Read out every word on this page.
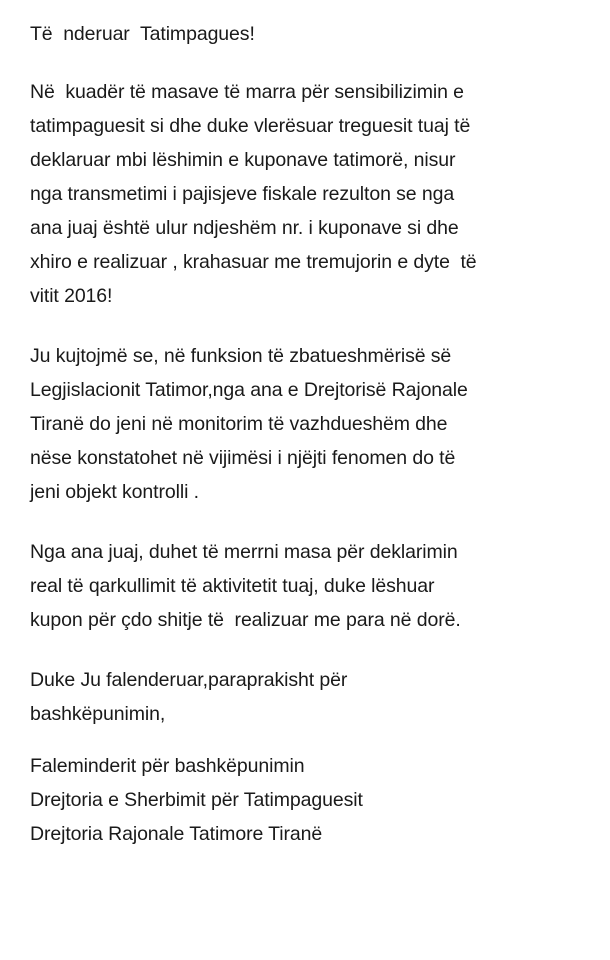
Të  nderuar  Tatimpagues!
Në  kuadër të masave të marra për sensibilizimin e
tatimpaguesit si dhe duke vlerësuar treguesit tuaj të
deklaruar mbi lëshimin e kuponave tatimorë, nisur
nga transmetimi i pajisjeve fiskale rezulton se nga
ana juaj është ulur ndjeshëm nr. i kuponave si dhe
xhiro e realizuar , krahasuar me tremujorin e dyte  të
vitit 2016!
Ju kujtojmë se, në funksion të zbatueshmërisë së
Legjislacionit Tatimor,nga ana e Drejtorisë Rajonale
Tiranë do jeni në monitorim të vazhdueshëm dhe
nëse konstatohet në vijimësi i njëjti fenomen do të
jeni objekt kontrolli .
Nga ana juaj, duhet të merrni masa për deklarimin
real të qarkullimit të aktivitetit tuaj, duke lëshuar
kupon për çdo shitje të  realizuar me para në dorë.
Duke Ju falenderuar,paraprakisht për
bashkëpunimin,
Faleminderit për bashkëpunimin
Drejtoria e Sherbimit për Tatimpaguesit
Drejtoria Rajonale Tatimore Tiranë
